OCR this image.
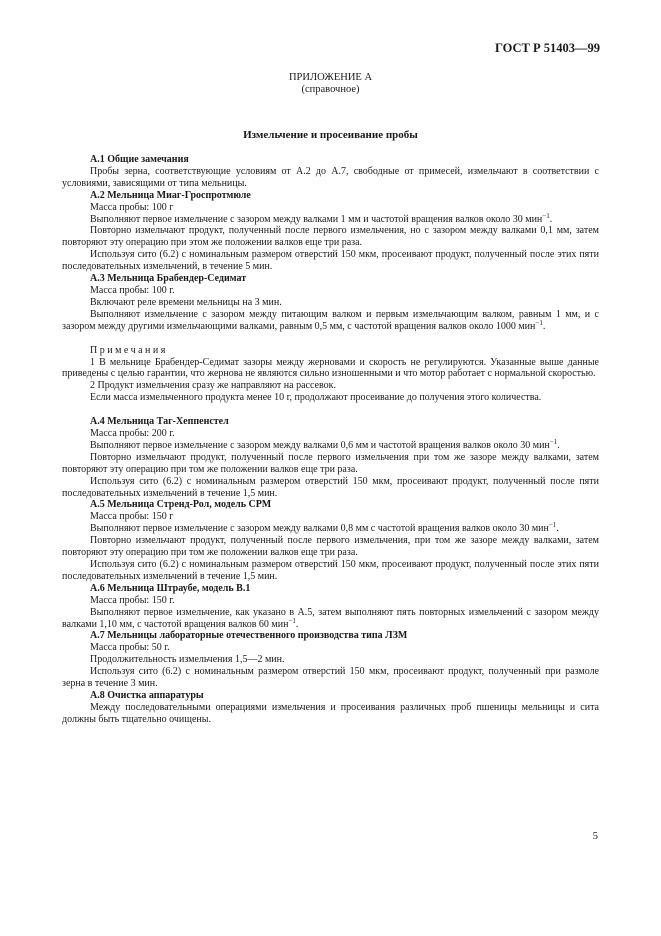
ГОСТ Р 51403—99
ПРИЛОЖЕНИЕ А
(справочное)
Измельчение и просеивание пробы

А.1 Общие замечания

Пробы зерна, соответствующие условиям от А.2 до А.7, свободные от примесей, измельчают в соответствии с условиями, зависящими от типа мельницы.

А.2 Мельница Миаг-Гроспротмюле

Масса пробы: 100 г

Выполняют первое измельчение с зазором между валками 1 мм и частотой вращения валков около 30 мин$^{-1}$.

Повторно измельчают продукт, полученный после первого измельчения, но с зазором между валками 0,1 мм, затем повторяют эту операцию при этом же положении валков еще три раза.

Используя сито (6.2) с номинальным размером отверстий 150 мкм, просеивают продукт, полученный после этих пяти последовательных измельчений, в течение 5 мин.

А.3 Мельница Брабендер-Седимат

Масса пробы: 100 г.

Включают реле времени мельницы на 3 мин.

Выполняют измельчение с зазором между питающим валком и первым измельчающим валком, равным 1 мм, и с зазором между другими измельчающими валками, равным 0,5 мм, с частотой вращения валков около 1000 мин$^{-1}$.

Примечания

1 В мельнице Брабендер-Седимат зазоры между жерновами и скорость не регулируются. Указанные выше данные приведены с целью гарантии, что жернова не являются сильно изношенными и что мотор работает с нормальной скоростью.

2 Продукт измельчения сразу же направляют на рассевок.

Если масса измельченного продукта менее 10 г, продолжают просеивание до получения этого количества.

А.4 Мельница Таг-Хеппенстел

Масса пробы: 200 г.

Выполняют первое измельчение с зазором между валками 0,6 мм и частотой вращения валков около 30 мин$^{-1}$.

Повторно измельчают продукт, полученный после первого измельчения при том же зазоре между валками, затем повторяют эту операцию при том же положении валков еще три раза.

Используя сито (6.2) с номинальным размером отверстий 150 мкм, просеивают продукт, полученный после пяти последовательных измельчений в течение 1,5 мин.

А.5 Мельница Стренд-Рол, модель СРМ

Масса пробы: 150 г

Выполняют первое измельчение с зазором между валками 0,8 мм с частотой вращения валков около 30 мин$^{-1}$.

Повторно измельчают продукт, полученный после первого измельчения, при том же зазоре между валками, затем повторяют эту операцию при том же положении валков еще три раза.

Используя сито (6.2) с номинальным размером отверстий 150 мкм, просеивают продукт, полученный после этих пяти последовательных измельчений в течение 1,5 мин.

А.6 Мельница Штраубе, модель В.1

Масса пробы: 150 г.

Выполняют первое измельчение, как указано в А.5, затем выполняют пять повторных измельчений с зазором между валками 1,10 мм, с частотой вращения валков 60 мин$^{-1}$.

А.7 Мельницы лабораторные отечественного производства типа ЛЗМ

Масса пробы: 50 г.

Продолжительность измельчения 1,5—2 мин.

Используя сито (6.2) с номинальным размером отверстий 150 мкм, просеивают продукт, полученный при размоле зерна в течение 3 мин.

А.8 Очистка аппаратуры

Между последовательными операциями измельчения и просеивания различных проб пшеницы мельницы и сита должны быть тщательно очищены.

5
